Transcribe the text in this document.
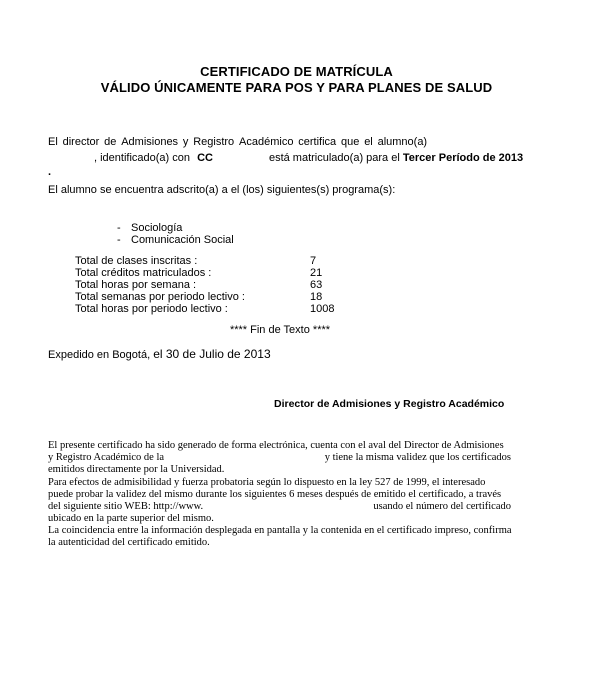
CERTIFICADO DE MATRÍCULA
VÁLIDO ÚNICAMENTE PARA POS Y PARA PLANES DE SALUD
El director de Admisiones y Registro Académico certifica que el alumno(a)
, identificado(a) con CC	está matriculado(a) para el Tercer Período de 2013
.
El alumno se encuentra adscrito(a) a el (los) siguientes(s) programa(s):
- Sociología
- Comunicación Social
Total de clases inscritas :	7
Total créditos matriculados :	21
Total horas por semana :	63
Total semanas por periodo lectivo :	18
Total horas por periodo lectivo :	1008
**** Fin de Texto ****
Expedido en Bogotá, el 30 de Julio de 2013
Director de Admisiones y Registro Académico
El presente certificado ha sido generado de forma electrónica, cuenta con el aval del Director de Admisiones
y Registro Académico de la	y tiene la misma validez que los certificados
emitidos directamente por la Universidad.
Para efectos de admisibilidad y fuerza probatoria según lo dispuesto en la ley 527 de 1999, el interesado
puede probar la validez del mismo durante los siguientes 6 meses después de emitido el certificado, a través
del siguiente sitio WEB: http://www.	usando el número del certificado
ubicado en la parte superior del mismo.
La coincidencia entre la información desplegada en pantalla y la contenida en el certificado impreso, confirma
la autenticidad del certificado emitido.
